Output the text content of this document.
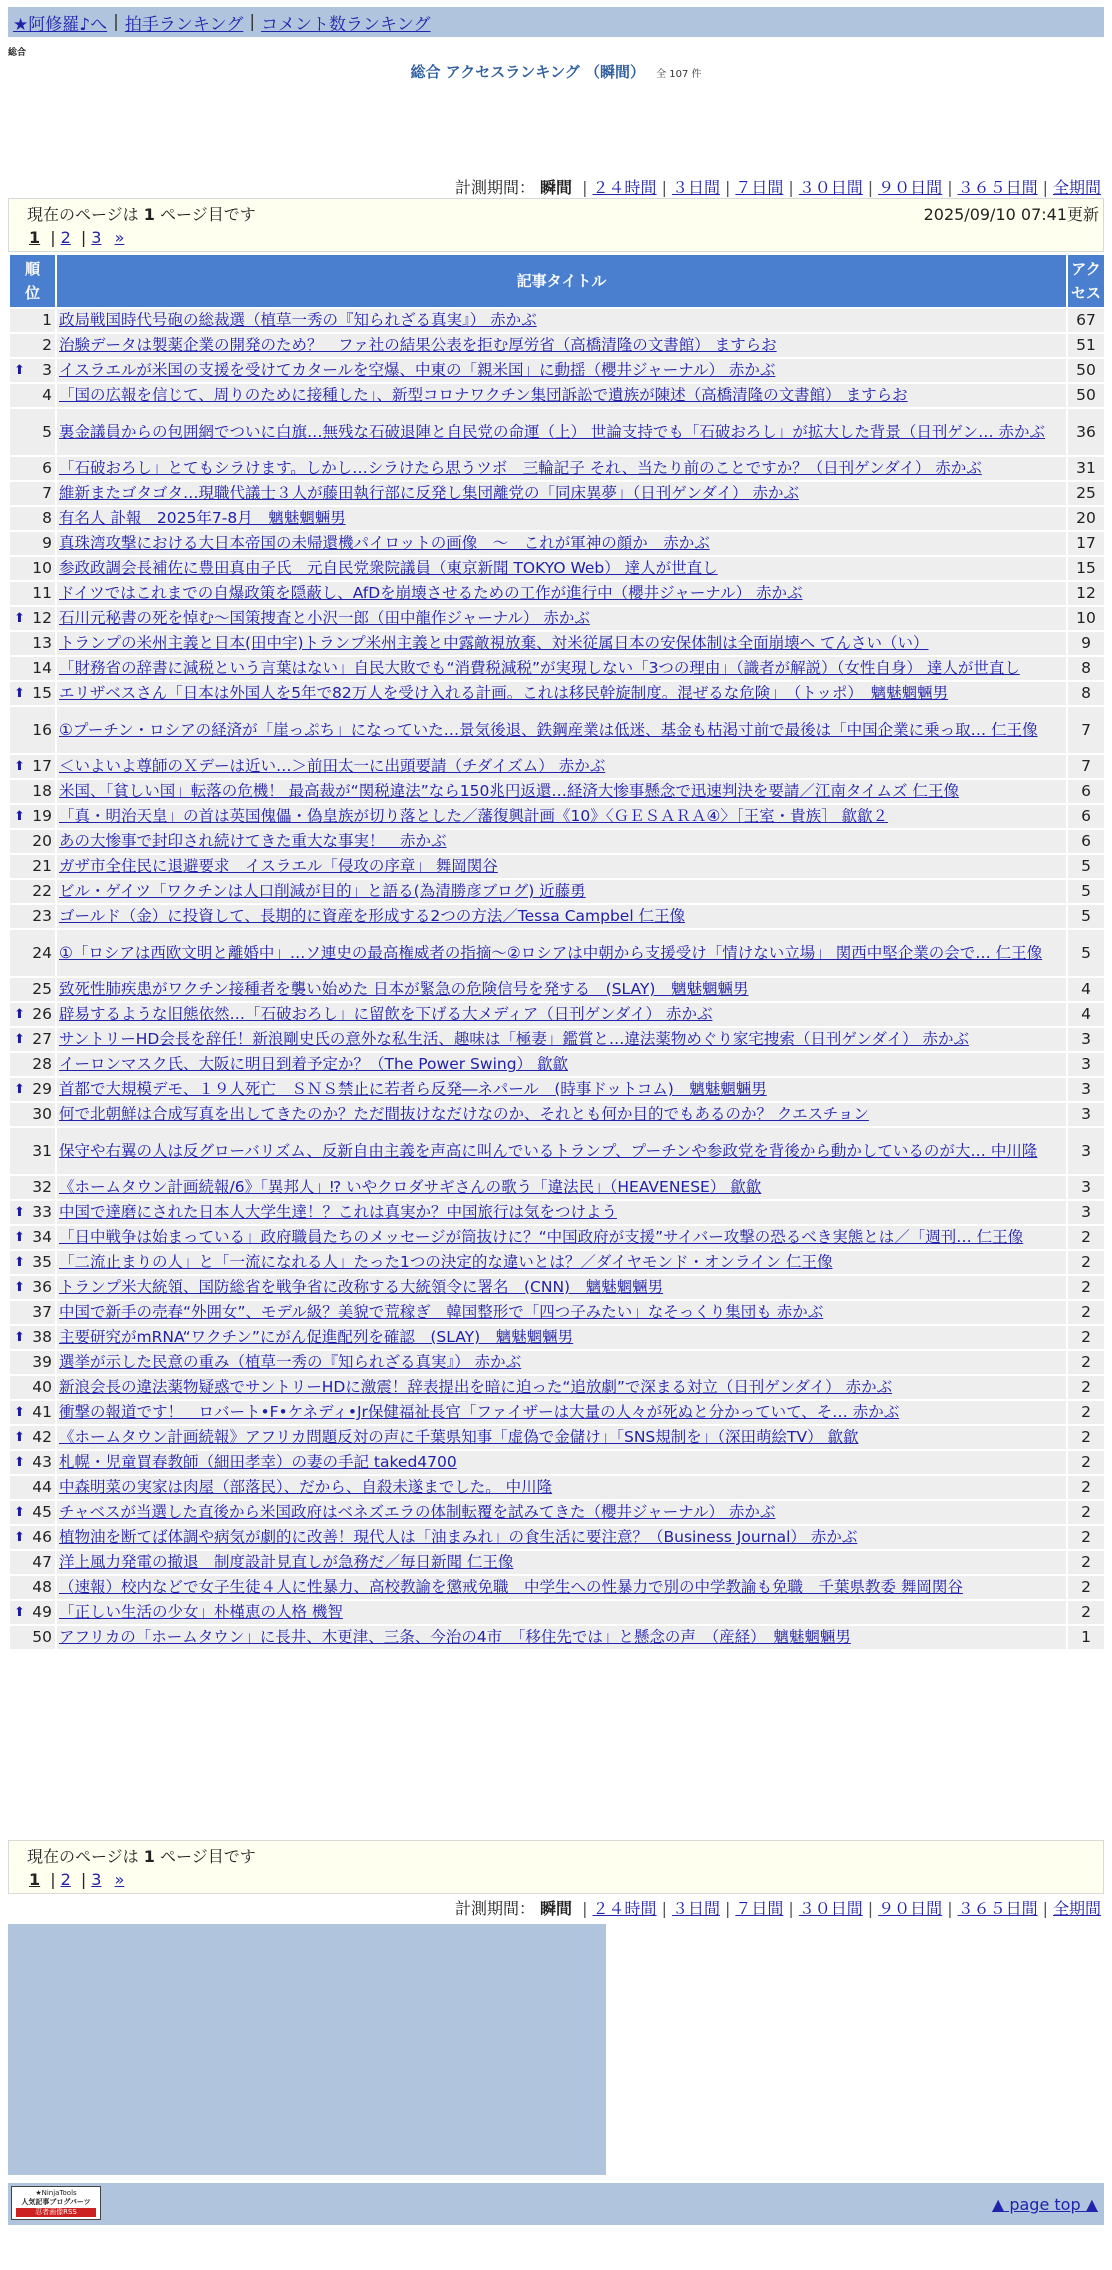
★阿修羅♪へ | 拍手ランキング | コメント数ランキング
総合
総合 アクセスランキング （瞬間） 全 107 件
計測期間： 瞬間 | ２４時間 | ３日間 | ７日間 | ３０日間 | ９０日間 | ３６５日間 | 全期間
現在のページは 1 ページ目です	2025/09/10 07:41更新
1 | 2 | 3 »
順
位	記事タイトル	アク
セス
1	政局戦国時代号砲の総裁選（植草一秀の『知られざる真実』） 赤かぶ	67
2	治験データは製薬企業の開発のため？　ファ社の結果公表を拒む厚労省（高橋清隆の文書館） ますらお	51

⬆ 3	イスラエルが米国の支援を受けてカタールを空爆、中東の「親米国」に動揺（櫻井ジャーナル） 赤かぶ	50
4	「国の広報を信じて、周りのために接種した」、新型コロナワクチン集団訴訟で遺族が陳述（高橋清隆の文書館） ますらお	50
5	裏金議員からの包囲網でついに白旗…無残な石破退陣と自民党の命運（上） 世論支持でも「石破おろし」が拡大した背景（日刊ゲン… 赤かぶ	36
6	「石破おろし」とてもシラけます。しかし…シラけたら思うツボ　三輪記子 それ、当たり前のことですか？（日刊ゲンダイ） 赤かぶ	31
7	維新またゴタゴタ…現職代議士３人が藤田執行部に反発し集団離党の「同床異夢」（日刊ゲンダイ） 赤かぶ	25
8	有名人 訃報　2025年7-8月　魑魅魍魎男	20
9	真珠湾攻撃における大日本帝国の未帰還機パイロットの画像　～　これが軍神の顔か　赤かぶ	17
10	参政政調会長補佐に豊田真由子氏　元自民党衆院議員（東京新聞 TOKYO Web） 達人が世直し	15
11	ドイツではこれまでの自爆政策を隠蔽し、AfDを崩壊させるための工作が進行中（櫻井ジャーナル） 赤かぶ	12

⬆ 12	石川元秘書の死を悼む～国策捜査と小沢一郎（田中龍作ジャーナル） 赤かぶ	10
13	トランプの米州主義と日本(田中宇)トランプ米州主義と中露敵視放棄、対米従属日本の安保体制は全面崩壊へ てんさい（い）	9
14	「財務省の辞書に減税という言葉はない」自民大敗でも“消費税減税”が実現しない「3つの理由」（識者が解説）（女性自身） 達人が世直し	8

⬆ 15	エリザベスさん「日本は外国人を5年で82万人を受け入れる計画。これは移民幹旋制度。混ぜるな危険」　（トッポ）　魑魅魍魎男	8
16	①プーチン・ロシアの経済が「崖っぷち」になっていた…景気後退、鉄鋼産業は低迷、基金も枯渇寸前で最後は「中国企業に乗っ取… 仁王像	7

⬆ 17	＜いよいよ尊師のＸデーは近い…＞前田太一に出頭要請（チダイズム） 赤かぶ	7
18	米国、「貧しい国」転落の危機！ 最高裁が“関税違法”なら150兆円返還…経済大惨事懸念で迅速判決を要請／江南タイムズ 仁王像	6

⬆ 19	「真・明治天皇」の首は英国傀儡・偽皇族が切り落とした／藩復興計画《10》〈ＧＥＳＡＲＡ④〉［王室・貴族］ 歙歙２	6
20	あの大惨事で封印され続けてきた重大な事実！　赤かぶ	6
21	ガザ市全住民に退避要求　イスラエル「侵攻の序章」 舞岡関谷	5
22	ビル・ゲイツ「ワクチンは人口削減が目的」と語る(為清勝彦ブログ) 近藤勇	5
23	ゴールド（金）に投資して、長期的に資産を形成する2つの方法／Tessa Campbel 仁王像	5
24	①「ロシアは西欧文明と離婚中」…ソ連史の最高権威者の指摘～②ロシアは中朝から支援受け「情けない立場」 関西中堅企業の会で… 仁王像	5
25	致死性肺疾患がワクチン接種者を襲い始めた 日本が緊急の危険信号を発する　(SLAY)　魑魅魍魎男	4

⬆ 26	辟易するような旧態依然…「石破おろし」に留飲を下げる大メディア（日刊ゲンダイ） 赤かぶ	4

⬆ 27	サントリーHD会長を辞任！新浪剛史氏の意外な私生活、趣味は「極妻」鑑賞と…違法薬物めぐり家宅捜索（日刊ゲンダイ） 赤かぶ	3
28	イーロンマスク氏、大阪に明日到着予定か？（The Power Swing） 歙歙	3

⬆ 29	首都で大規模デモ、１９人死亡　ＳＮＳ禁止に若者ら反発―ネパール　(時事ドットコム)　魑魅魍魎男	3
30	何で北朝鮮は合成写真を出してきたのか？ただ間抜けなだけなのか、それとも何か目的でもあるのか？ クエスチョン	3
31	保守や右翼の人は反グローバリズム、反新自由主義を声高に叫んでいるトランプ、プーチンや参政党を背後から動かしているのが大… 中川隆	3
32	《ホームタウン計画続報/6》「異邦人」⁉ いやクロダサギさんの歌う「違法民」（HEAVENESE） 歙歙	3

⬆ 33	中国で達磨にされた日本人大学生達！？これは真実か？中国旅行は気をつけよう	3

⬆ 34	「日中戦争は始まっている」政府職員たちのメッセージが筒抜けに？“中国政府が支援”サイバー攻撃の恐るべき実態とは／「週刊… 仁王像	2

⬆ 35	「二流止まりの人」と「一流になれる人」たった1つの決定的な違いとは？／ダイヤモンド・オンライン 仁王像	2

⬆ 36	トランプ米大統領、国防総省を戦争省に改称する大統領令に署名　(CNN)　魑魅魍魎男	2
37	中国で新手の売春“外囲女”、モデル級？美貌で荒稼ぎ　韓国整形で「四つ子みたい」なそっくり集団も 赤かぶ	2

⬆ 38	主要研究がmRNA“ワクチン”にがん促進配列を確認　(SLAY)　魑魅魍魎男	2
39	選挙が示した民意の重み（植草一秀の『知られざる真実』） 赤かぶ	2
40	新浪会長の違法薬物疑惑でサントリーHDに激震！辞表提出を暗に迫った“追放劇”で深まる対立（日刊ゲンダイ） 赤かぶ	2

⬆ 41	衝撃の報道です！　ロバート•F•ケネディ•Jr保健福祉長官「ファイザーは大量の人々が死ぬと分かっていて、そ… 赤かぶ	2

⬆ 42	《ホームタウン計画続報》アフリカ問題反対の声に千葉県知事「虚偽で金儲け」「SNS規制を」（深田萌絵TV） 歙歙	2

⬆ 43	札幌・児童買春教師（細田孝幸）の妻の手記 taked4700	2
44	中森明菜の実家は肉屋（部落民）、だから、自殺未遂までした。 中川隆	2

⬆ 45	チャベスが当選した直後から米国政府はベネズエラの体制転覆を試みてきた（櫻井ジャーナル） 赤かぶ	2

⬆ 46	植物油を断てば体調や病気が劇的に改善！現代人は「油まみれ」の食生活に要注意？（Business Journal） 赤かぶ	2
47	洋上風力発電の撤退　制度設計見直しが急務だ／毎日新聞 仁王像	2
48	（速報）校内などで女子生徒４人に性暴力、高校教諭を懲戒免職　中学生への性暴力で別の中学教諭も免職　千葉県教委 舞岡関谷	2

⬆ 49	「正しい生活の少女」朴槿恵の人格 機智	2
50	アフリカの「ホームタウン」に長井、木更津、三条、今治の4市　「移住先では」と懸念の声　（産経）　魑魅魍魎男	1
計測期間： 瞬間 | ２４時間 | ３日間 | ７日間 | ３０日間 | ９０日間 | ３６５日間 | 全期間
現在のページは 1 ページ目です
1 | 2 | 3 »
★NinjaTools
人気記事ブログパーツ
忍者画像RSS	▲ page top ▲
